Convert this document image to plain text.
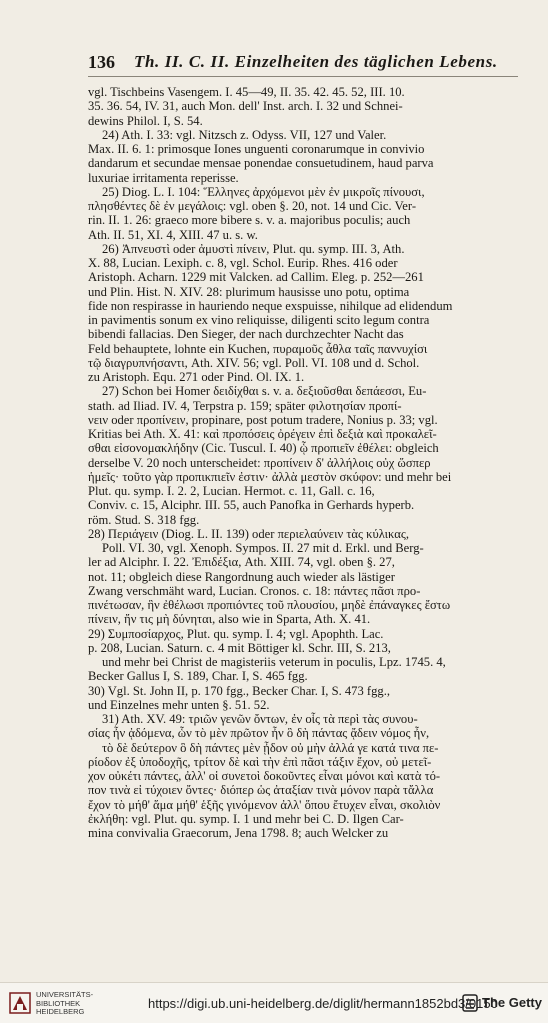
136 Th. II. C. II. Einzelheiten des täglichen Lebens.
vgl. Tischbeins Vasengem. I. 45—49, II. 35. 42. 45. 52, III. 10.
35. 36. 54, IV. 31, auch Mon. dell' Inst. arch. I. 32 und Schnei-
dewins Philol. I, S. 54.
24) Ath. I. 33: vgl. Nitzsch z. Odyss. VII, 127 und Valer.
Max. II. 6. 1: primosque Iones unguenti coronarumque in convivio
dandarum et secundae mensae ponendae consuetudinem, haud parva
luxuriae irritamenta reperisse.
25) Diog. L. I. 104: Ἕλληνες ἀρχόμενοι μὲν ἐν μικροῖς πίνουσι,
πλησθέντες δὲ ἐν μεγάλοις: vgl. oben §. 20, not. 14 und Cic. Ver-
rin. II. 1. 26: graeco more bibere s. v. a. majoribus poculis; auch
Ath. II. 51, XI. 4, XIII. 47 u. s. w.
26) Ἀπνευστὶ oder ἀμυστὶ πίνειν, Plut. qu. symp. III. 3, Ath.
X. 88, Lucian. Lexiph. c. 8, vgl. Schol. Eurip. Rhes. 416 oder
Aristoph. Acharn. 1229 mit Valcken. ad Callim. Eleg. p. 252—261
und Plin. Hist. N. XIV. 28: plurimum hausisse uno potu, optima
fide non respirasse in hauriendo neque exspuisse, nihilque ad elidendum
in pavimentis sonum ex vino reliquisse, diligenti scito legum contra
bibendi fallacias. Den Sieger, der nach durchzechter Nacht das
Feld behauptete, lohnte ein Kuchen, πυραμοῦς ἆθλα ταῖς παννυχίσι
τῷ διαγρυπνήσαντι, Ath. XIV. 56; vgl. Poll. VI. 108 und d. Schol.
zu Aristoph. Equ. 271 oder Pind. Ol. IX. 1.
27) Schon bei Homer δειδίχθαι s. v. a. δεξιοῦσθαι δεπάεσσι, Eu-
stath. ad Iliad. IV. 4, Terpstra p. 159; später φιλοτησίαν προπί-
νειν oder προπίνειν, propinare, post potum tradere, Nonius p. 33; vgl.
Kritias bei Ath. X. 41: καὶ προπόσεις ὀρέγειν ἐπὶ δεξιὰ καὶ προκαλεῖ-
σθαι εἰσονομακλήδην (Cic. Tuscul. I. 40) ᾧ προπιεῖν ἐθέλει: obgleich
derselbe V. 20 noch unterscheidet: προπίνειν δ' ἀλλήλοις οὐχ ὥσπερ
ἡμεῖς· τοῦτο γὰρ προπικπιεῖν ἐστιν· ἀλλὰ μεστὸν σκύφον: und mehr bei
Plut. qu. symp. I. 2. 2, Lucian. Hermot. c. 11, Gall. c. 16,
Conviv. c. 15, Alciphr. III. 55, auch Panofka in Gerhards hyperb.
röm. Stud. S. 318 fgg.
28) Περιάγειν (Diog. L. II. 139) oder περιελαύνειν τὰς κύλικας,
Poll. VI. 30, vgl. Xenoph. Sympos. II. 27 mit d. Erkl. und Berg-
ler ad Alciphr. I. 22. Ἐπιδέξια, Ath. XIII. 74, vgl. oben §. 27,
not. 11; obgleich diese Rangordnung auch wieder als lästiger
Zwang verschmäht ward, Lucian. Cronos. c. 18: πάντες πᾶσι προ-
πινέτωσαν, ἣν ἐθέλωσι προπιόντες τοῦ πλουσίου, μηδὲ ἐπάναγκες ἔστω
πίνειν, ἤν τις μὴ δύνηται, also wie in Sparta, Ath. X. 41.
29) Συμποσίαρχος, Plut. qu. symp. I. 4; vgl. Apophth. Lac.
p. 208, Lucian. Saturn. c. 4 mit Böttiger kl. Schr. III, S. 213,
und mehr bei Christ de magisteriis veterum in poculis, Lpz. 1745. 4,
Becker Gallus I, S. 189, Char. I, S. 465 fgg.
30) Vgl. St. John II, p. 170 fgg., Becker Char. I, S. 473 fgg.,
und Einzelnes mehr unten §. 51. 52.
31) Ath. XV. 49: τριῶν γενῶν ὄντων, ἐν οἷς τὰ περὶ τὰς συνου-
σίας ἦν ᾀδόμενα, ὧν τὸ μὲν πρῶτον ἦν ὃ δὴ πάντας ᾄδειν νόμος ἦν,
τὸ δὲ δεύτερον ὃ δὴ πάντες μὲν ᾖδον οὐ μὴν ἀλλά γε κατά τινα πε-
ρίοδον ἐξ ὑποδοχῆς, τρίτον δὲ καὶ τὴν ἐπὶ πᾶσι τάξιν ἔχον, οὐ μετεῖ-
χον οὐκέτι πάντες, ἀλλ' οἱ συνετοὶ δοκοῦντες εἶναι μόνοι καὶ κατὰ τό-
πον τινὰ εἰ τύχοιεν ὄντες· διόπερ ὡς ἀταξίαν τινὰ μόνον παρὰ τἄλλα
ἔχον τὸ μήθ' ἅμα μήθ' ἑξῆς γινόμενον ἀλλ' ὅπου ἔτυχεν εἶναι, σκολιὸν
ἐκλήθη: vgl. Plut. qu. symp. I. 1 und mehr bei C. D. Ilgen Car-
mina convivalia Graecorum, Jena 1798. 8; auch Welcker zu
UNIVERSITÄTS-
BIBLIOTHEK
HEIDELBERG
https://digi.ub.uni-heidelberg.de/diglit/hermann1852bd3/0150
The Getty
